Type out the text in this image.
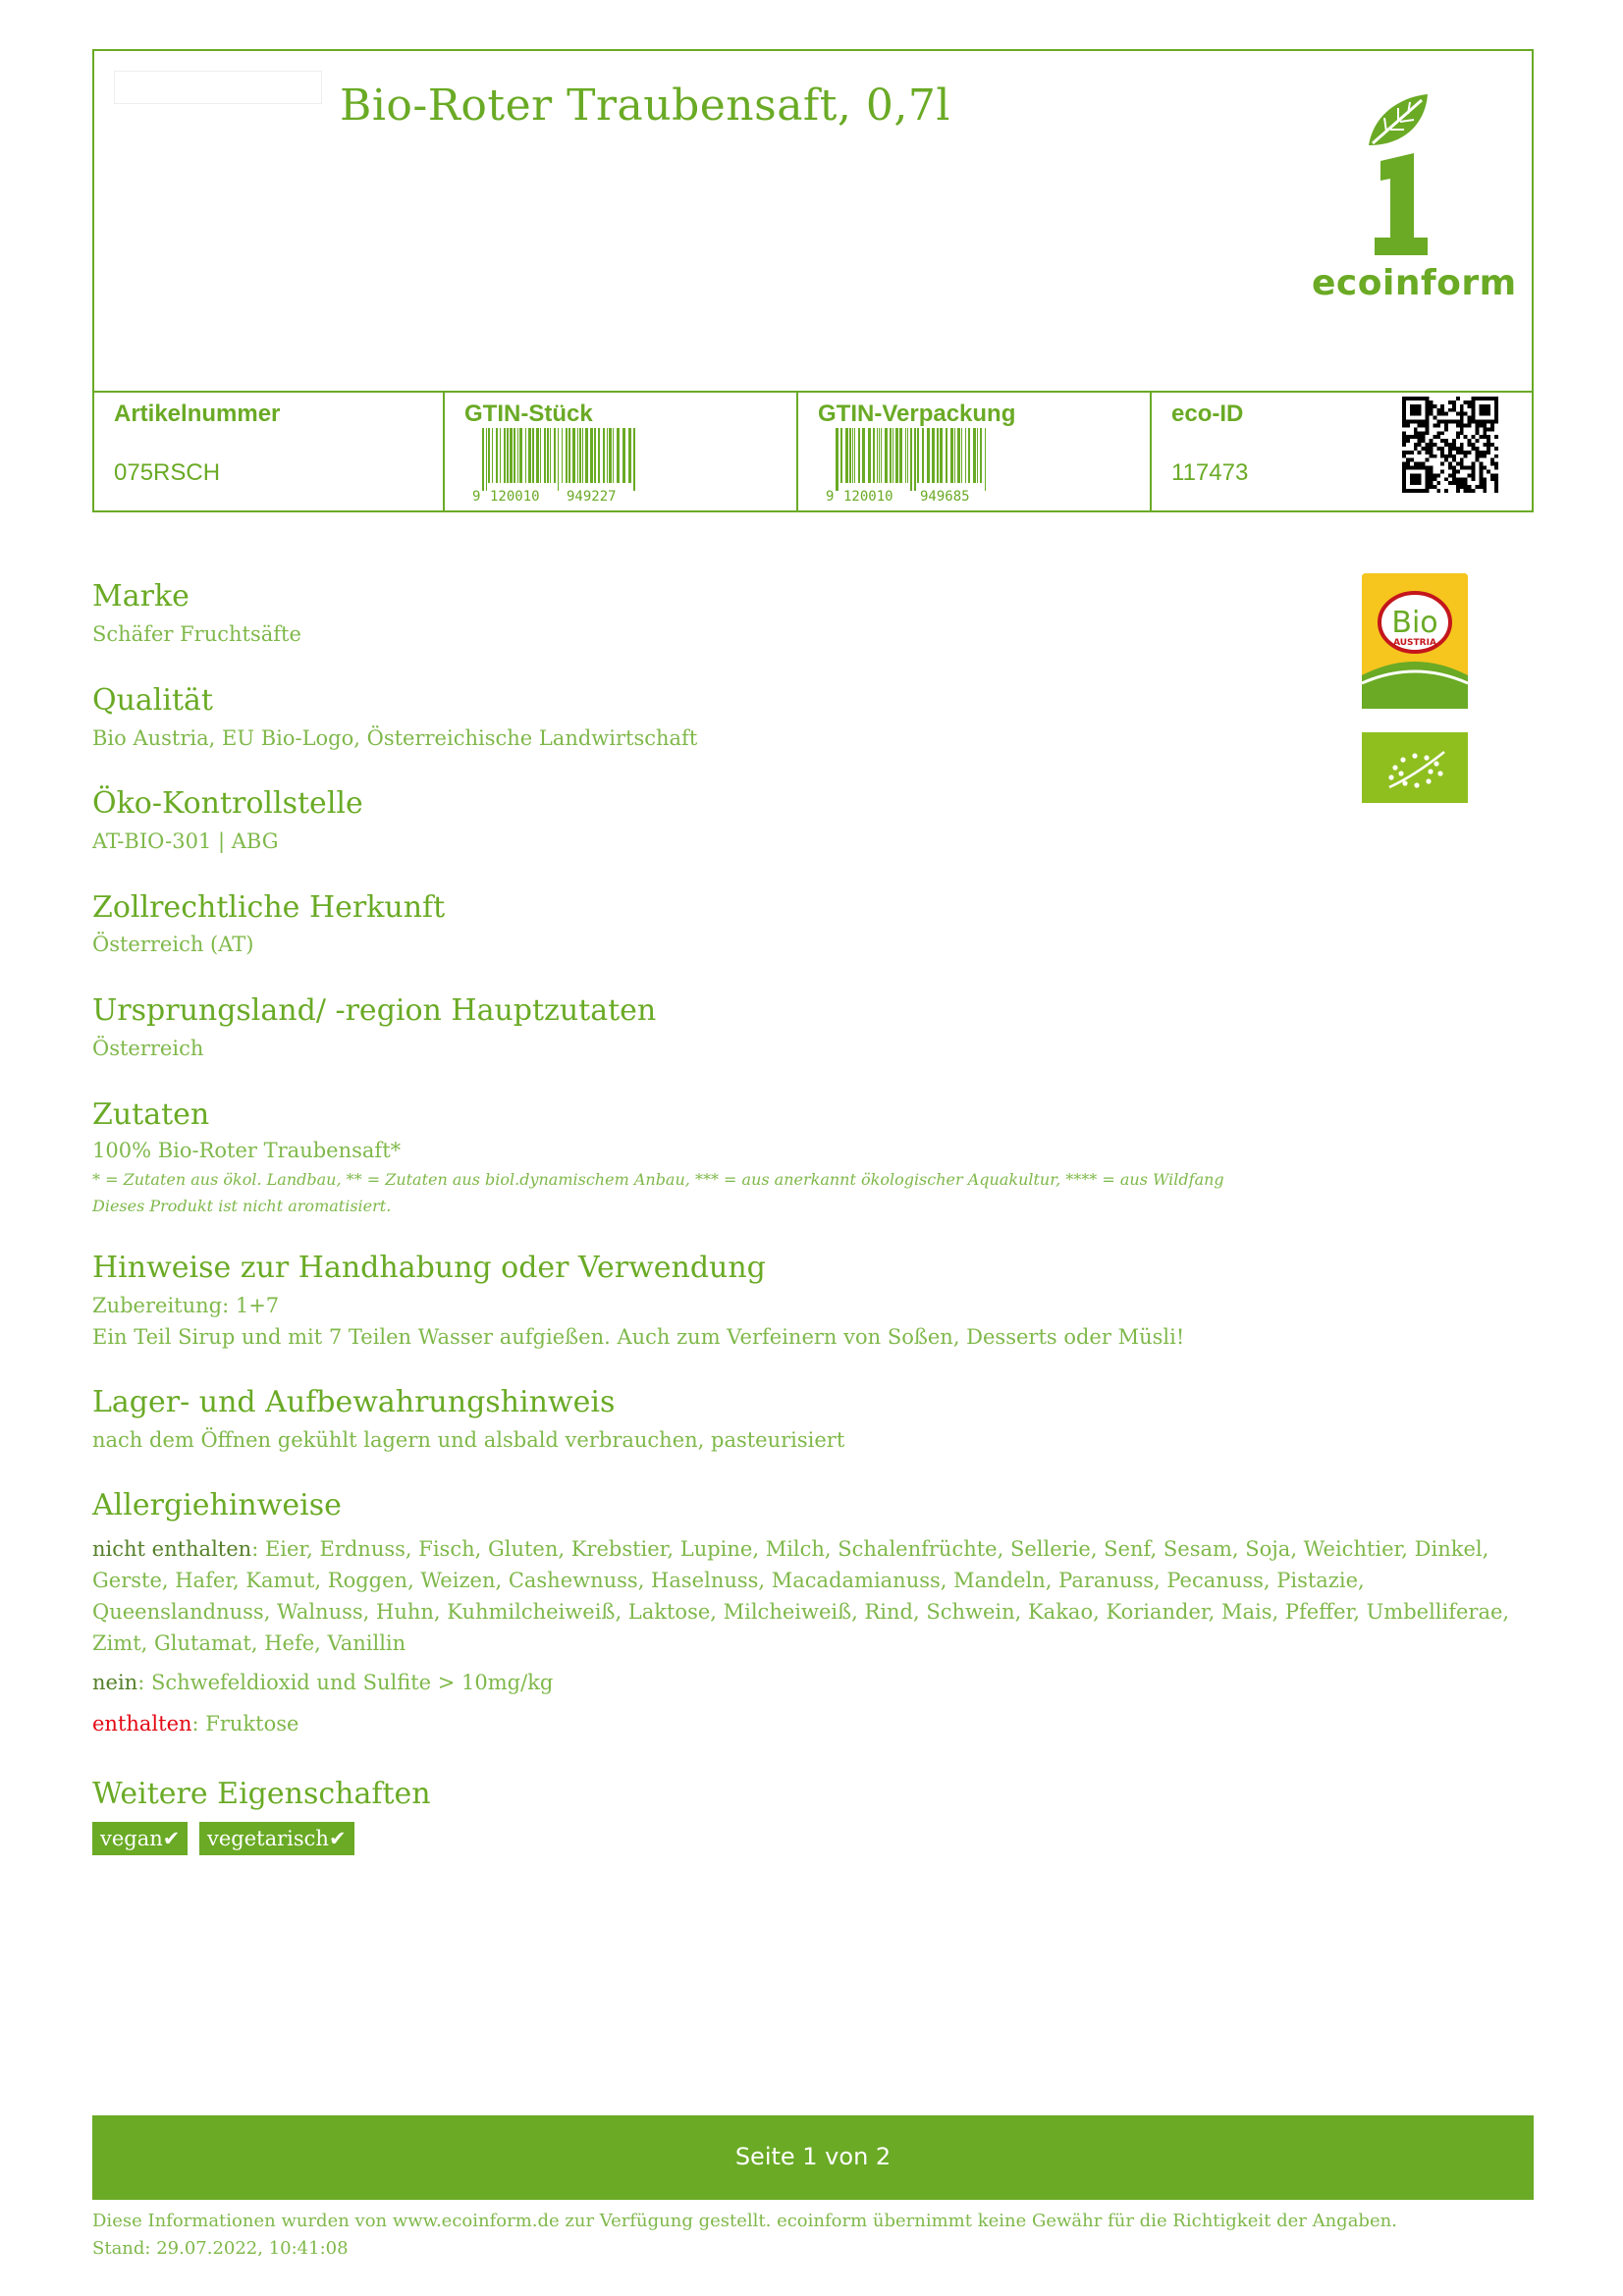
Bio-Roter Traubensaft, 0,7l
ecoinform
Artikelnummer
075RSCH
GTIN-Stück
9 120010 949227
GTIN-Verpackung
9 120010 949685
eco-ID
117473
Bio
AUSTRIA
Marke
Schäfer Fruchtsäfte
Qualität
Bio Austria, EU Bio-Logo, Österreichische Landwirtschaft
Öko-Kontrollstelle
AT-BIO-301 | ABG
Zollrechtliche Herkunft
Österreich (AT)
Ursprungsland/ -region Hauptzutaten
Österreich
Zutaten
100% Bio-Roter Traubensaft*
* = Zutaten aus ökol. Landbau, ** = Zutaten aus biol.dynamischem Anbau, *** = aus anerkannt ökologischer Aquakultur, **** = aus Wildfang
Dieses Produkt ist nicht aromatisiert.
Hinweise zur Handhabung oder Verwendung
Zubereitung: 1+7
Ein Teil Sirup und mit 7 Teilen Wasser aufgießen. Auch zum Verfeinern von Soßen, Desserts oder Müsli!
Lager- und Aufbewahrungshinweis
nach dem Öffnen gekühlt lagern und alsbald verbrauchen, pasteurisiert
Allergiehinweise
nicht enthalten: Eier, Erdnuss, Fisch, Gluten, Krebstier, Lupine, Milch, Schalenfrüchte, Sellerie, Senf, Sesam, Soja, Weichtier, Dinkel, Gerste, Hafer, Kamut, Roggen, Weizen, Cashewnuss, Haselnuss, Macadamianuss, Mandeln, Paranuss, Pecanuss, Pistazie, Queenslandnuss, Walnuss, Huhn, Kuhmilcheiweiß, Laktose, Milcheiweiß, Rind, Schwein, Kakao, Koriander, Mais, Pfeffer, Umbelliferae, Zimt, Glutamat, Hefe, Vanillin
nein: Schwefeldioxid und Sulfite > 10mg/kg
enthalten: Fruktose
Weitere Eigenschaften
vegan✔	vegetarisch✔
Seite 1 von 2
Diese Informationen wurden von www.ecoinform.de zur Verfügung gestellt. ecoinform übernimmt keine Gewähr für die Richtigkeit der Angaben.
Stand: 29.07.2022, 10:41:08
